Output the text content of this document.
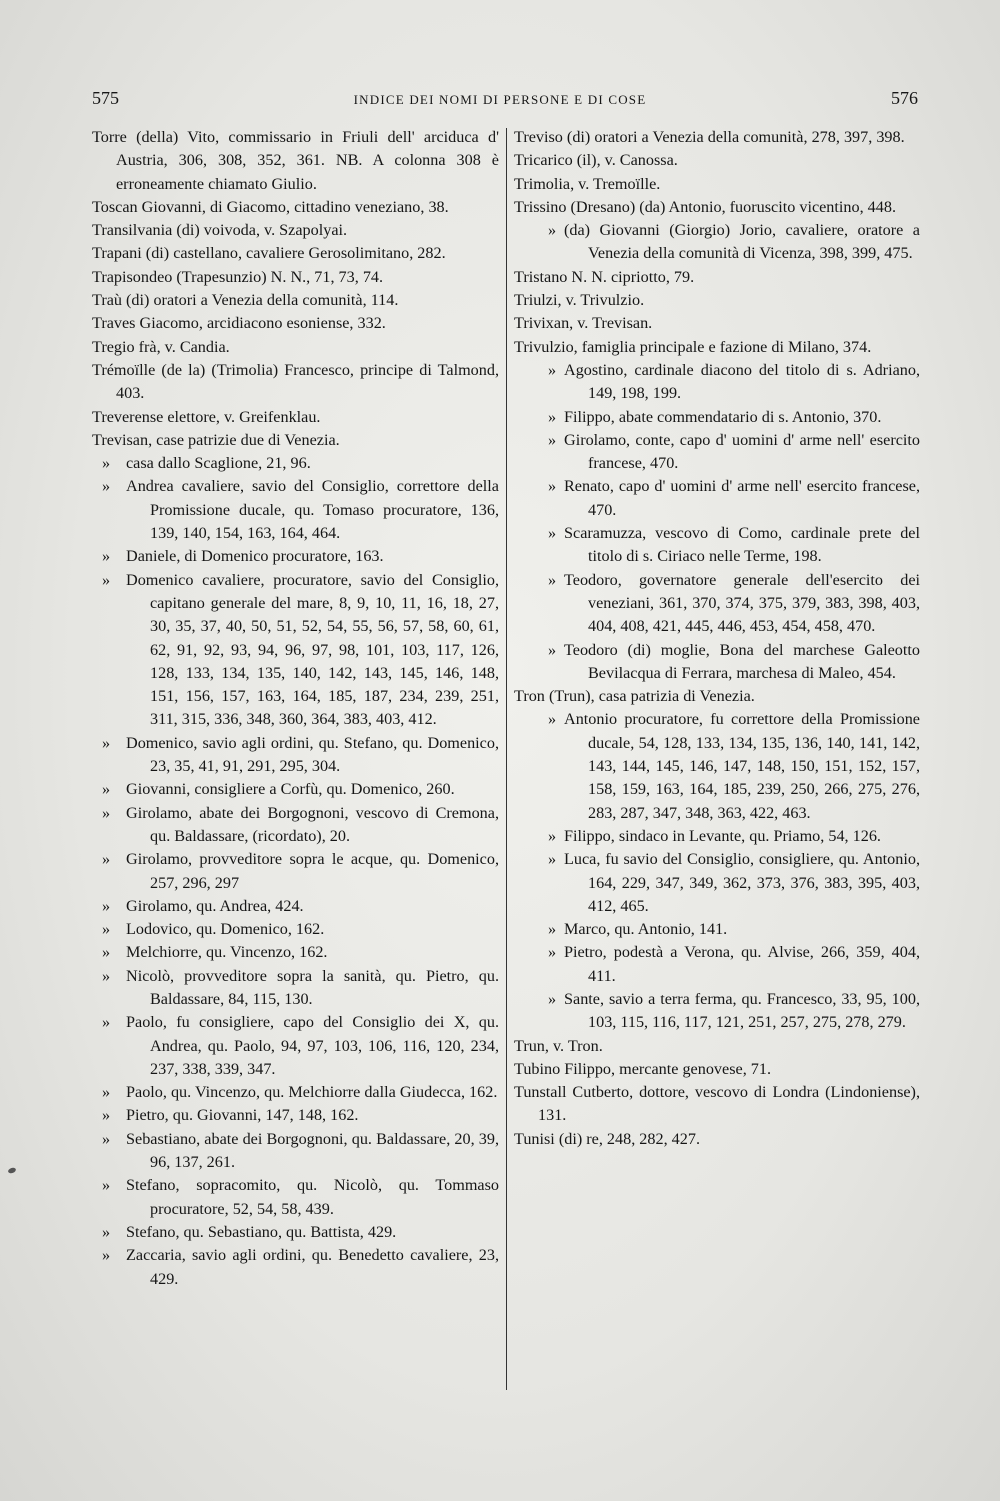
575	INDICE DEI NOMI DI PERSONE E DI COSE	576

Torre (della) Vito, commissario in Friuli dell' arciduca d' Austria, 306, 308, 352, 361. NB. A colonna 308 è erroneamente chiamato Giulio.

Toscan Giovanni, di Giacomo, cittadino veneziano, 38.

Transilvania (di) voivoda, v. Szapolyai.

Trapani (di) castellano, cavaliere Gerosolimitano, 282.

Trapisondeo (Trapesunzio) N. N., 71, 73, 74.

Traù (di) oratori a Venezia della comunità, 114.

Traves Giacomo, arcidiacono esoniense, 332.

Tregio frà, v. Candia.

Trémoïlle (de la) (Trimolia) Francesco, principe di Talmond, 403.

Treverense elettore, v. Greifenklau.

Trevisan, case patrizie due di Venezia.

» casa dallo Scaglione, 21, 96.
» Andrea cavaliere, savio del Consiglio, correttore della Promissione ducale, qu. Tomaso procuratore, 136, 139, 140, 154, 163, 164, 464.
» Daniele, di Domenico procuratore, 163.
» Domenico cavaliere, procuratore, savio del Consiglio, capitano generale del mare, 8, 9, 10, 11, 16, 18, 27, 30, 35, 37, 40, 50, 51, 52, 54, 55, 56, 57, 58, 60, 61, 62, 91, 92, 93, 94, 96, 97, 98, 101, 103, 117, 126, 128, 133, 134, 135, 140, 142, 143, 145, 146, 148, 151, 156, 157, 163, 164, 185, 187, 234, 239, 251, 311, 315, 336, 348, 360, 364, 383, 403, 412.
» Domenico, savio agli ordini, qu. Stefano, qu. Domenico, 23, 35, 41, 91, 291, 295, 304.
» Giovanni, consigliere a Corfù, qu. Domenico, 260.
» Girolamo, abate dei Borgognoni, vescovo di Cremona, qu. Baldassare, (ricordato), 20.
» Girolamo, provveditore sopra le acque, qu. Domenico, 257, 296, 297
» Girolamo, qu. Andrea, 424.
» Lodovico, qu. Domenico, 162.
» Melchiorre, qu. Vincenzo, 162.
» Nicolò, provveditore sopra la sanità, qu. Pietro, qu. Baldassare, 84, 115, 130.
» Paolo, fu consigliere, capo del Consiglio dei X, qu. Andrea, qu. Paolo, 94, 97, 103, 106, 116, 120, 234, 237, 338, 339, 347.
» Paolo, qu. Vincenzo, qu. Melchiorre dalla Giudecca, 162.
» Pietro, qu. Giovanni, 147, 148, 162.
» Sebastiano, abate dei Borgognoni, qu. Baldassare, 20, 39, 96, 137, 261.
» Stefano, sopracomito, qu. Nicolò, qu. Tommaso procuratore, 52, 54, 58, 439.
» Stefano, qu. Sebastiano, qu. Battista, 429.
» Zaccaria, savio agli ordini, qu. Benedetto cavaliere, 23, 429.

Treviso (di) oratori a Venezia della comunità, 278, 397, 398.

Tricarico (il), v. Canossa.

Trimolia, v. Tremoïlle.

Trissino (Dresano) (da) Antonio, fuoruscito vicentino, 448.

» (da) Giovanni (Giorgio) Jorio, cavaliere, oratore a Venezia della comunità di Vicenza, 398, 399, 475.

Tristano N. N. cipriotto, 79.

Triulzi, v. Trivulzio.

Trivixan, v. Trevisan.

Trivulzio, famiglia principale e fazione di Milano, 374.

» Agostino, cardinale diacono del titolo di s. Adriano, 149, 198, 199.
» Filippo, abate commendatario di s. Antonio, 370.
» Girolamo, conte, capo d' uomini d' arme nell' esercito francese, 470.
» Renato, capo d' uomini d' arme nell' esercito francese, 470.
» Scaramuzza, vescovo di Como, cardinale prete del titolo di s. Ciriaco nelle Terme, 198.
» Teodoro, governatore generale dell'esercito dei veneziani, 361, 370, 374, 375, 379, 383, 398, 403, 404, 408, 421, 445, 446, 453, 454, 458, 470.
» Teodoro (di) moglie, Bona del marchese Galeotto Bevilacqua di Ferrara, marchesa di Maleo, 454.

Tron (Trun), casa patrizia di Venezia.

» Antonio procuratore, fu correttore della Promissione ducale, 54, 128, 133, 134, 135, 136, 140, 141, 142, 143, 144, 145, 146, 147, 148, 150, 151, 152, 157, 158, 159, 163, 164, 185, 239, 250, 266, 275, 276, 283, 287, 347, 348, 363, 422, 463.
» Filippo, sindaco in Levante, qu. Priamo, 54, 126.
» Luca, fu savio del Consiglio, consigliere, qu. Antonio, 164, 229, 347, 349, 362, 373, 376, 383, 395, 403, 412, 465.
» Marco, qu. Antonio, 141.
» Pietro, podestà a Verona, qu. Alvise, 266, 359, 404, 411.
» Sante, savio a terra ferma, qu. Francesco, 33, 95, 100, 103, 115, 116, 117, 121, 251, 257, 275, 278, 279.

Trun, v. Tron.

Tubino Filippo, mercante genovese, 71.

Tunstall Cutberto, dottore, vescovo di Londra (Lindoniense), 131.

Tunisi (di) re, 248, 282, 427.
